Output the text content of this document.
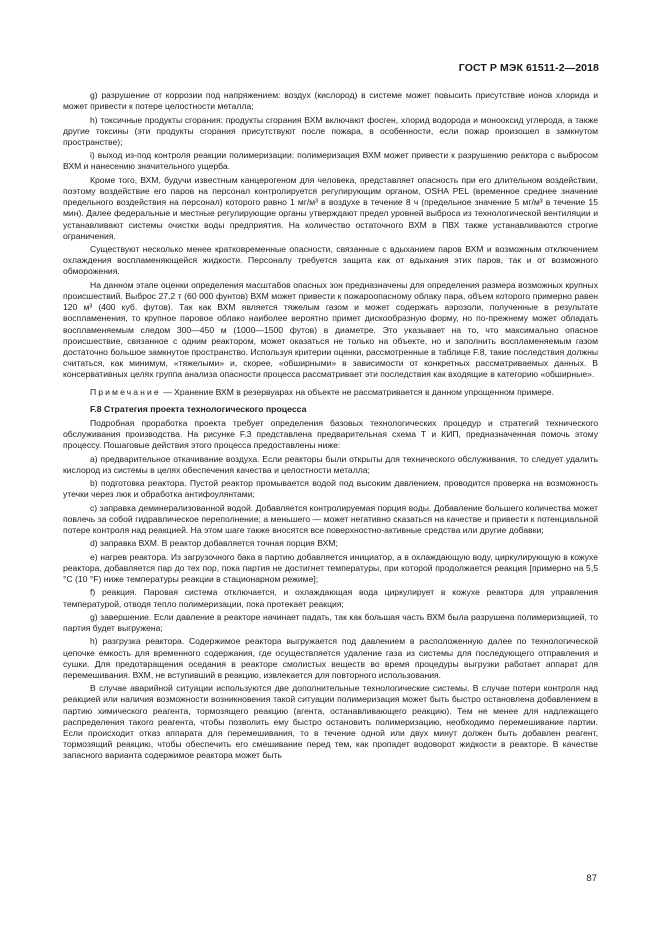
ГОСТ Р МЭК 61511-2—2018

g) разрушение от коррозии под напряжением: воздух (кислород) в системе может повысить присутствие ионов хлорида и может привести к потере целостности металла;

h) токсичные продукты сгорания: продукты сгорания ВХМ включают фосген, хлорид водорода и монооксид углерода, а также другие токсины (эти продукты сгорания присутствуют после пожара, в особенности, если пожар произошел в замкнутом пространстве);

i) выход из-под контроля реакции полимеризации: полимеризация ВХМ может привести к разрушению реактора с выбросом ВХМ и нанесению значительного ущерба.

Кроме того, ВХМ, будучи известным канцерогеном для человека, представляет опасность при его длительном воздействии, поэтому воздействие его паров на персонал контролируется регулирующим органом, OSHA PEL (временное среднее значение предельного воздействия на персонал) которого равно 1 мг/м³ в воздухе в течение 8 ч (предельное значение 5 мг/м³ в течение 15 мин). Далее федеральные и местные регулирующие органы утверждают предел уровней выброса из технологической вентиляции и устанавливают системы очистки воды предприятия. На количество остаточного ВХМ в ПВХ также устанавливаются строгие ограничения.

Существуют несколько менее кратковременные опасности, связанные с вдыханием паров ВХМ и возможным отключением охлаждения воспламеняющейся жидкости. Персоналу требуется защита как от вдыхания этих паров, так и от возможного обморожения.

На данном этапе оценки определения масштабов опасных зон предназначены для определения размера возможных крупных происшествий. Выброс 27,2 т (60 000 фунтов) ВХМ может привести к пожароопасному облаку пара, объем которого примерно равен 120 м³ (400 куб. футов). Так как ВХМ является тяжелым газом и может содержать аэрозоли, полученные в результате воспламенения, то крупное паровое облако наиболее вероятно примет дискообразную форму, но по-прежнему может обладать воспламеняемым следом 300—450 м (1000—1500 футов) в диаметре. Это указывает на то, что максимально опасное происшествие, связанное с одним реактором, может оказаться не только на объекте, но и заполнить воспламеняемым газом достаточно большое замкнутое пространство. Используя критерии оценки, рассмотренные в таблице F.8, такие последствия должны считаться, как минимум, «тяжелыми» и, скорее, «обширными» в зависимости от конкретных рассматриваемых данных. В консервативных целях группа анализа опасности процесса рассматривает эти последствия как входящие в категорию «обширные».

Примечание — Хранение ВХМ в резервуарах на объекте не рассматривается в данном упрощенном примере.

F.8 Стратегия проекта технологического процесса

Подробная проработка проекта требует определения базовых технологических процедур и стратегий технического обслуживания производства. На рисунке F.3 представлена предварительная схема Т и КИП, предназначенная помочь этому процессу. Пошаговые действия этого процесса предоставлены ниже:

a) предварительное откачивание воздуха. Если реакторы были открыты для технического обслуживания, то следует удалить кислород из системы в целях обеспечения качества и целостности металла;

b) подготовка реактора. Пустой реактор промывается водой под высоким давлением, проводится проверка на возможность утечки через люк и обработка антифоулянтами;

c) заправка деминерализованной водой. Добавляется контролируемая порция воды. Добавление большего количества может повлечь за собой гидравлическое переполнение; а меньшего — может негативно сказаться на качестве и привести к потенциальной потере контроля над реакцией. На этом шаге также вносятся все поверхностно-активные средства или другие добавки;

d) заправка ВХМ. В реактор добавляется точная порция ВХМ;

e) нагрев реактора. Из загрузочного бака в партию добавляется инициатор, а в охлаждающую воду, циркулирующую в кожухе реактора, добавляется пар до тех пор, пока партия не достигнет температуры, при которой продолжается реакция [примерно на 5,5 °С (10 °F) ниже температуры реакции в стационарном режиме];

f) реакция. Паровая система отключается, и охлаждающая вода циркулирует в кожухе реактора для управления температурой, отводя тепло полимеризации, пока протекает реакция;

g) завершение. Если давление в реакторе начинает падать, так как большая часть ВХМ была разрушена полимеризацией, то партия будет выгружена;

h) разгрузка реактора. Содержимое реактора выгружается под давлением в расположенную далее по технологической цепочке емкость для временного содержания, где осуществляется удаление газа из системы для последующего отправления и сушки. Для предотвращения оседания в реакторе смолистых веществ во время процедуры выгрузки работает аппарат для перемешивания. ВХМ, не вступивший в реакцию, извлекается для повторного использования.

В случае аварийной ситуации используются две дополнительные технологические системы. В случае потери контроля над реакцией или наличия возможности возникновения такой ситуации полимеризация может быть быстро остановлена добавлением в партию химического реагента, тормозящего реакцию (агента, останавливающего реакцию). Тем не менее для надлежащего распределения такого реагента, чтобы позволить ему быстро остановить полимеризацию, необходимо перемешивание партии. Если происходит отказ аппарата для перемешивания, то в течение одной или двух минут должен быть добавлен реагент, тормозящий реакцию, чтобы обеспечить его смешивание перед тем, как пропадет водоворот жидкости в реакторе. В качестве запасного варианта содержимое реактора может быть

87
